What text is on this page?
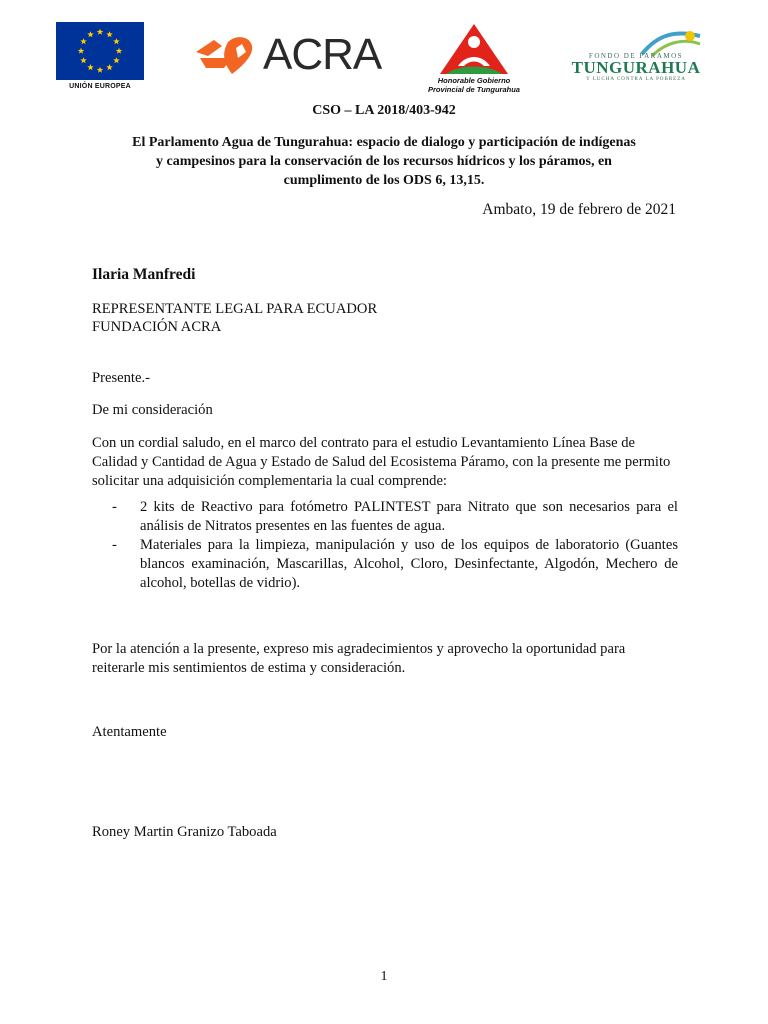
UNIÓN EUROPEA
ACRA
Honorable Gobierno
Provincial de Tungurahua
FONDO DE PARAMOS
TUNGURAHUA
Y LUCHA CONTRA LA POBREZA
CSO – LA 2018/403-942
El Parlamento Agua de Tungurahua: espacio de dialogo y participación de indígenas
y campesinos para la conservación de los recursos hídricos y los páramos, en
cumplimento de los ODS 6, 13,15.
Ambato, 19 de febrero de 2021
Ilaria Manfredi
REPRESENTANTE LEGAL PARA ECUADOR
FUNDACIÓN ACRA
Presente.-
De mi consideración
Con un cordial saludo, en el marco del contrato para el estudio Levantamiento Línea Base de Calidad y Cantidad de Agua y Estado de Salud del Ecosistema Páramo, con la presente me permito solicitar una adquisición complementaria la cual comprende:
- 2 kits de Reactivo para fotómetro PALINTEST para Nitrato que son necesarios para el análisis de Nitratos presentes en las fuentes de agua.
- Materiales para la limpieza, manipulación y uso de los equipos de laboratorio (Guantes blancos examinación, Mascarillas, Alcohol, Cloro, Desinfectante, Algodón, Mechero de alcohol, botellas de vidrio).
Por la atención a la presente, expreso mis agradecimientos y aprovecho la oportunidad para reiterarle mis sentimientos de estima y consideración.
Atentamente
Roney Martin Granizo Taboada
1
